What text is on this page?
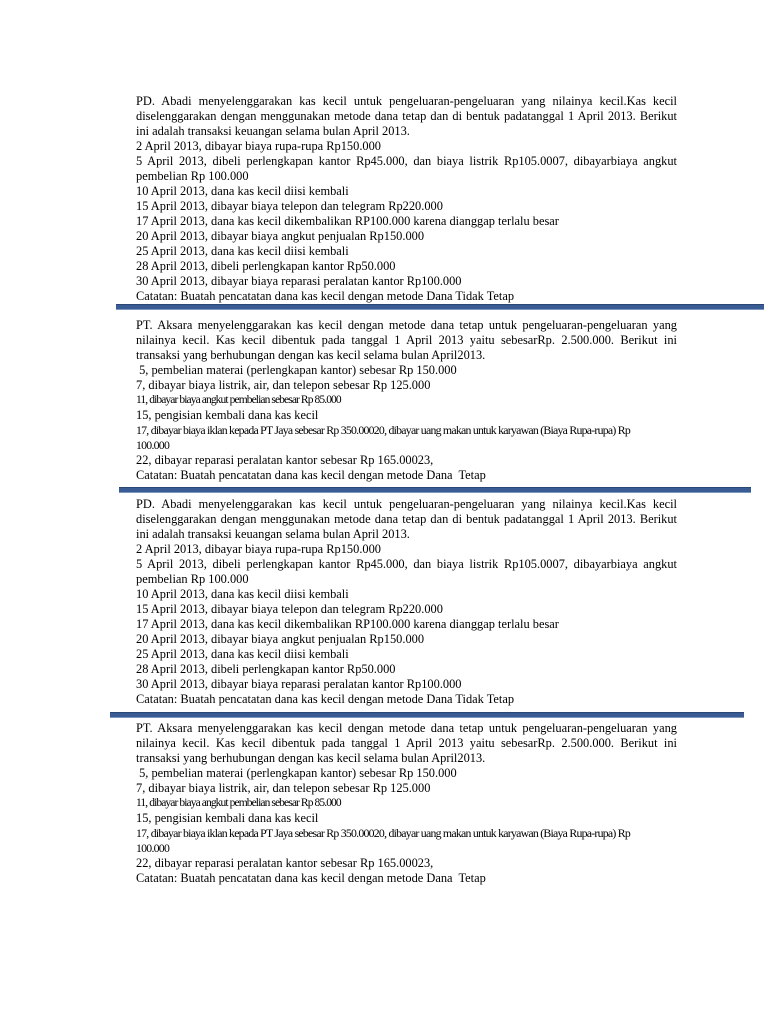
PD. Abadi menyelenggarakan kas kecil untuk pengeluaran-pengeluaran yang nilainya kecil.Kas kecil

diselenggarakan dengan menggunakan metode dana tetap dan di bentuk padatanggal 1 April 2013. Berikut

ini adalah transaksi keuangan selama bulan April 2013.

2 April 2013, dibayar biaya rupa-rupa Rp150.000

5 April 2013, dibeli perlengkapan kantor Rp45.000, dan biaya listrik Rp105.0007, dibayarbiaya angkut

pembelian Rp 100.000

10 April 2013, dana kas kecil diisi kembali

15 April 2013, dibayar biaya telepon dan telegram Rp220.000

17 April 2013, dana kas kecil dikembalikan RP100.000 karena dianggap terlalu besar

20 April 2013, dibayar biaya angkut penjualan Rp150.000

25 April 2013, dana kas kecil diisi kembali

28 April 2013, dibeli perlengkapan kantor Rp50.000

30 April 2013, dibayar biaya reparasi peralatan kantor Rp100.000

Catatan: Buatah pencatatan dana kas kecil dengan metode Dana Tidak Tetap

PT. Aksara menyelenggarakan kas kecil dengan metode dana tetap untuk pengeluaran-pengeluaran yang

nilainya kecil. Kas kecil dibentuk pada tanggal 1 April 2013 yaitu sebesarRp. 2.500.000. Berikut ini

transaksi yang berhubungan dengan kas kecil selama bulan April2013.

5, pembelian materai (perlengkapan kantor) sebesar Rp 150.000

7, dibayar biaya listrik, air, dan telepon sebesar Rp 125.000

11, dibayar biaya angkut pembelian sebesar Rp 85.000

15, pengisian kembali dana kas kecil

17, dibayar biaya iklan kepada PT Jaya sebesar Rp 350.00020, dibayar uang makan untuk karyawan (Biaya Rupa-rupa) Rp

100.000

22, dibayar reparasi peralatan kantor sebesar Rp 165.00023,

Catatan: Buatah pencatatan dana kas kecil dengan metode Dana  Tetap

PD. Abadi menyelenggarakan kas kecil untuk pengeluaran-pengeluaran yang nilainya kecil.Kas kecil

diselenggarakan dengan menggunakan metode dana tetap dan di bentuk padatanggal 1 April 2013. Berikut

ini adalah transaksi keuangan selama bulan April 2013.

2 April 2013, dibayar biaya rupa-rupa Rp150.000

5 April 2013, dibeli perlengkapan kantor Rp45.000, dan biaya listrik Rp105.0007, dibayarbiaya angkut

pembelian Rp 100.000

10 April 2013, dana kas kecil diisi kembali

15 April 2013, dibayar biaya telepon dan telegram Rp220.000

17 April 2013, dana kas kecil dikembalikan RP100.000 karena dianggap terlalu besar

20 April 2013, dibayar biaya angkut penjualan Rp150.000

25 April 2013, dana kas kecil diisi kembali

28 April 2013, dibeli perlengkapan kantor Rp50.000

30 April 2013, dibayar biaya reparasi peralatan kantor Rp100.000

Catatan: Buatah pencatatan dana kas kecil dengan metode Dana Tidak Tetap

PT. Aksara menyelenggarakan kas kecil dengan metode dana tetap untuk pengeluaran-pengeluaran yang

nilainya kecil. Kas kecil dibentuk pada tanggal 1 April 2013 yaitu sebesarRp. 2.500.000. Berikut ini

transaksi yang berhubungan dengan kas kecil selama bulan April2013.

5, pembelian materai (perlengkapan kantor) sebesar Rp 150.000

7, dibayar biaya listrik, air, dan telepon sebesar Rp 125.000

11, dibayar biaya angkut pembelian sebesar Rp 85.000

15, pengisian kembali dana kas kecil

17, dibayar biaya iklan kepada PT Jaya sebesar Rp 350.00020, dibayar uang makan untuk karyawan (Biaya Rupa-rupa) Rp

100.000

22, dibayar reparasi peralatan kantor sebesar Rp 165.00023,

Catatan: Buatah pencatatan dana kas kecil dengan metode Dana  Tetap
